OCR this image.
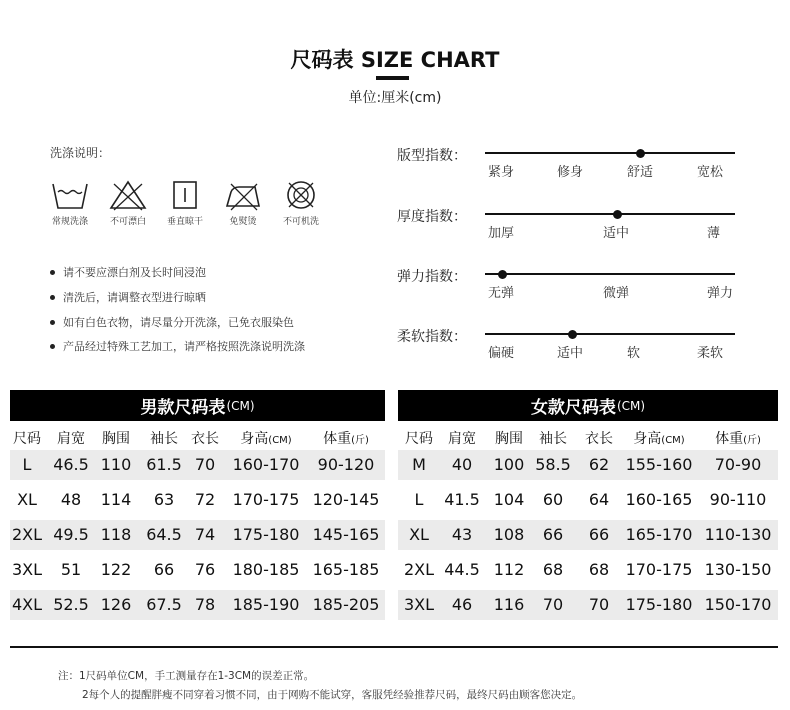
尺码表 SIZE CHART
单位:厘米(cm)
洗涤说明：
常规洗涤	不可漂白	垂直晾干	免熨烫	不可机洗
请不要应漂白剂及长时间浸泡
清洗后，请调整衣型进行晾晒
如有白色衣物，请尽量分开洗涤，已免衣服染色
产品经过特殊工艺加工，请严格按照洗涤说明洗涤
版型指数：
紧身	修身	舒适	宽松
厚度指数：
加厚	适中	薄
弹力指数：
无弹	微弹	弹力
柔软指数：
偏硬	适中	软	柔软
男款尺码表 (CM)
尺码 肩宽 胸围 袖长 衣长 身高(CM) 体重(斤)
L 46.5 110 61.5 70 160-170 90-120
XL 48 114 63 72 170-175 120-145
2XL 49.5 118 64.5 74 175-180 145-165
3XL 51 122 66 76 180-185 165-185
4XL 52.5 126 67.5 78 185-190 185-205
女款尺码表 (CM)
尺码 肩宽 胸围 袖长 衣长 身高(CM) 体重(斤)
M 40 100 58.5 62 155-160 70-90
L 41.5 104 60 64 160-165 90-110
XL 43 108 66 66 165-170 110-130
2XL 44.5 112 68 68 170-175 130-150
3XL 46 116 70 70 175-180 150-170
注：1尺码单位CM，手工测量存在1-3CM的误差正常。
2每个人的提醒胖瘦不同穿着习惯不同，由于网购不能试穿，客服凭经验推荐尺码，最终尺码由顾客您决定。
